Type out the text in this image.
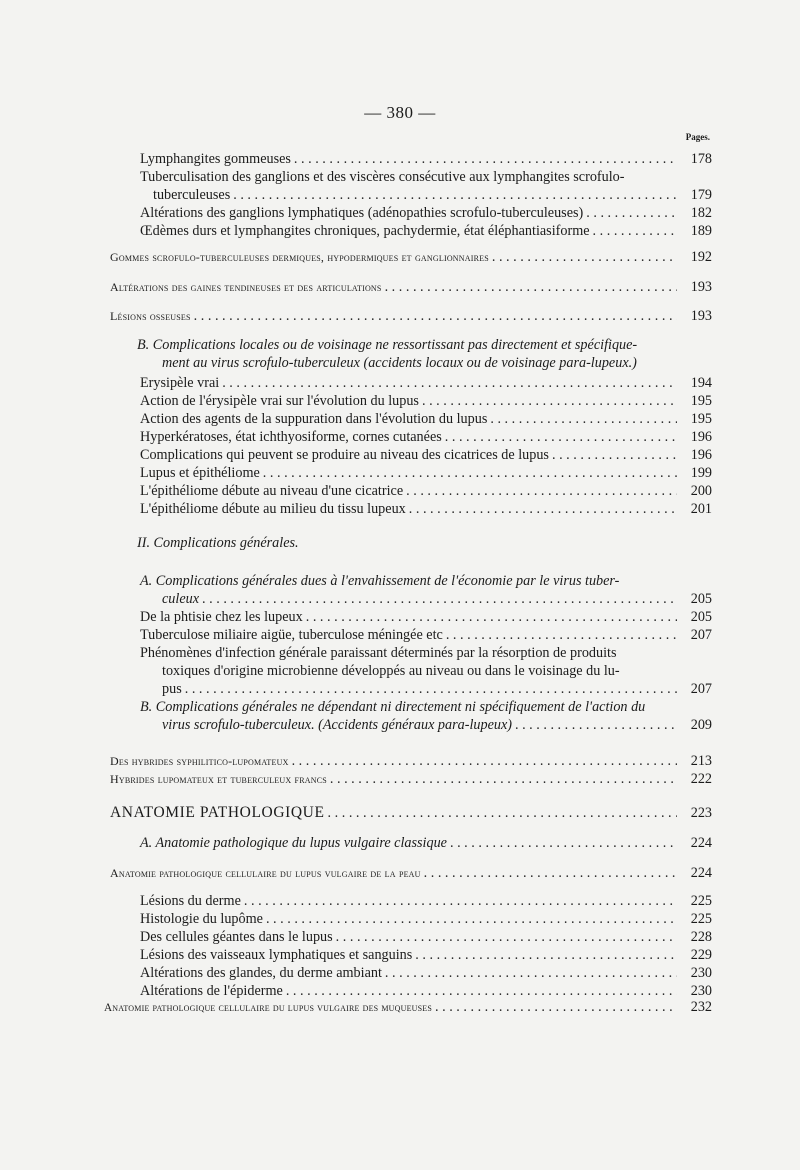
— 380 —
Pages.
Lymphangites gommeuses . . .	178
Tuberculisation des ganglions et des viscères consécutive aux lymphangites scrofulo-
tuberculeuses . . .	179
Altérations des ganglions lymphatiques (adénopathies scrofulo-tuberculeuses) . . .	182
Œdèmes durs et lymphangites chroniques, pachydermie, état éléphantiasiforme . . .	189
Gommes scrofulo-tuberculeuses dermiques, hypodermiques et ganglionnaires . . .	192
Altérations des gaines tendineuses et des articulations . . .	193
Lésions osseuses . . .	193
B. Complications locales ou de voisinage ne ressortissant pas directement et spécifique-
ment au virus scrofulo-tuberculeux (accidents locaux ou de voisinage para-lupeux.)
Erysipèle vrai . . .	194
Action de l'érysipèle vrai sur l'évolution du lupus . . .	195
Action des agents de la suppuration dans l'évolution du lupus . . .	195
Hyperkératoses, état ichthyosiforme, cornes cutanées . . .	196
Complications qui peuvent se produire au niveau des cicatrices de lupus . . .	196
Lupus et épithéliome . . .	199
L'épithéliome débute au niveau d'une cicatrice . . .	200
L'épithéliome débute au milieu du tissu lupeux . . .	201
II. Complications générales.
A. Complications générales dues à l'envahissement de l'économie par le virus tuber-
culeux . . .	205
De la phtisie chez les lupeux . . .	205
Tuberculose miliaire aigüe, tuberculose méningée etc . . .	207
Phénomènes d'infection générale paraissant déterminés par la résorption de produits
toxiques d'origine microbienne développés au niveau ou dans le voisinage du lu-
pus . . .	207
B. Complications générales ne dépendant ni directement ni spécifiquement de l'action du
virus scrofulo-tuberculeux. (Accidents généraux para-lupeux) . . .	209
Des hybrides syphilitico-lupomateux . . .	213
Hybrides lupomateux et tuberculeux francs . . .	222
ANATOMIE PATHOLOGIQUE . . .	223
A. Anatomie pathologique du lupus vulgaire classique . . .	224
Anatomie pathologique cellulaire du lupus vulgaire de la peau . . .	224
Lésions du derme . . .	225
Histologie du lupôme . . .	225
Des cellules géantes dans le lupus . . .	228
Lésions des vaisseaux lymphatiques et sanguins . . .	229
Altérations des glandes, du derme ambiant . . .	230
Altérations de l'épiderme . . .	230
Anatomie pathologique cellulaire du lupus vulgaire des muqueuses . . .	232
